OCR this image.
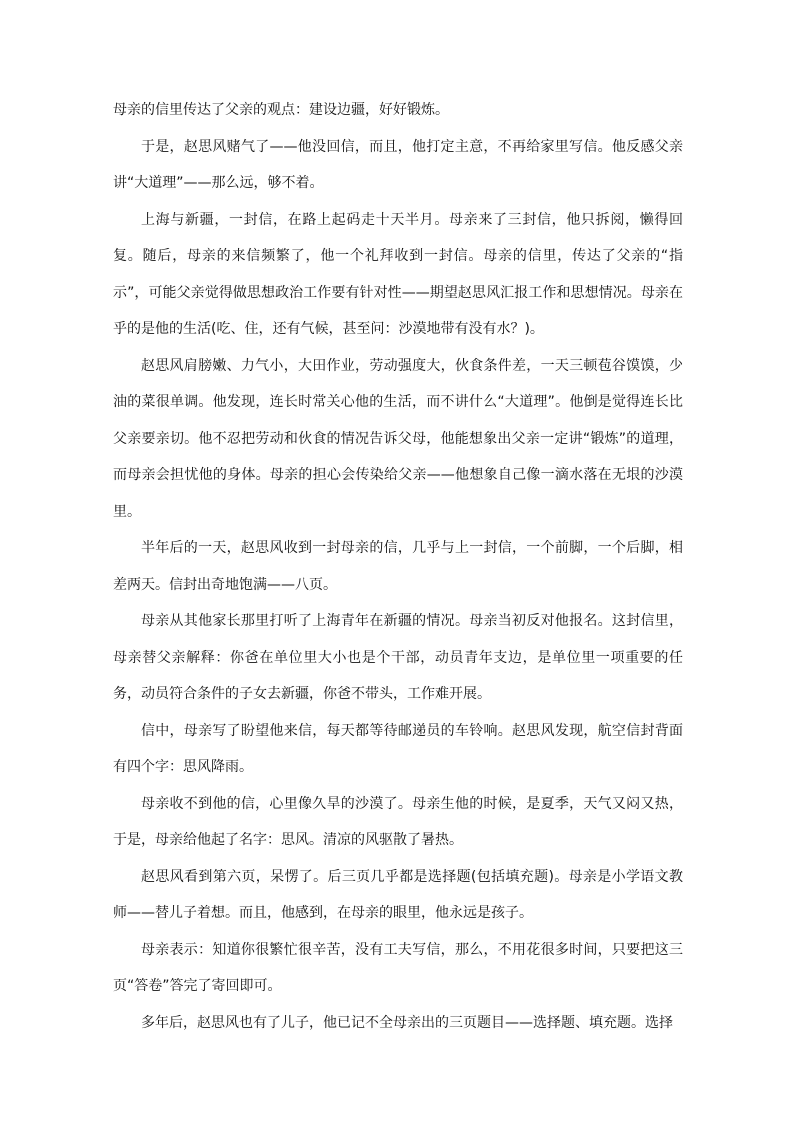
母亲的信里传达了父亲的观点：建设边疆，好好锻炼。

于是，赵思风赌气了——他没回信，而且，他打定主意，不再给家里写信。他反感父亲讲“大道理”——那么远，够不着。

上海与新疆，一封信，在路上起码走十天半月。母亲来了三封信，他只拆阅，懒得回复。随后，母亲的来信频繁了，他一个礼拜收到一封信。母亲的信里，传达了父亲的“指示”，可能父亲觉得做思想政治工作要有针对性——期望赵思风汇报工作和思想情况。母亲在乎的是他的生活(吃、住，还有气候，甚至问：沙漠地带有没有水？)。

赵思风肩膀嫩、力气小，大田作业，劳动强度大，伙食条件差，一天三顿苞谷馍馍，少油的菜很单调。他发现，连长时常关心他的生活，而不讲什么“大道理”。他倒是觉得连长比父亲要亲切。他不忍把劳动和伙食的情况告诉父母，他能想象出父亲一定讲“锻炼”的道理，而母亲会担忧他的身体。母亲的担心会传染给父亲——他想象自己像一滴水落在无垠的沙漠里。

半年后的一天，赵思风收到一封母亲的信，几乎与上一封信，一个前脚，一个后脚，相差两天。信封出奇地饱满——八页。

母亲从其他家长那里打听了上海青年在新疆的情况。母亲当初反对他报名。这封信里，母亲替父亲解释：你爸在单位里大小也是个干部，动员青年支边，是单位里一项重要的任务，动员符合条件的子女去新疆，你爸不带头，工作难开展。

信中，母亲写了盼望他来信，每天都等待邮递员的车铃响。赵思风发现，航空信封背面有四个字：思风降雨。

母亲收不到他的信，心里像久旱的沙漠了。母亲生他的时候，是夏季，天气又闷又热，于是，母亲给他起了名字：思风。清凉的风驱散了暑热。

赵思风看到第六页，呆愣了。后三页几乎都是选择题(包括填充题)。母亲是小学语文教师——替儿子着想。而且，他感到，在母亲的眼里，他永远是孩子。

母亲表示：知道你很繁忙很辛苦，没有工夫写信，那么，不用花很多时间，只要把这三页“答卷”答完了寄回即可。

多年后，赵思风也有了儿子，他已记不全母亲出的三页题目——选择题、填充题。选择
